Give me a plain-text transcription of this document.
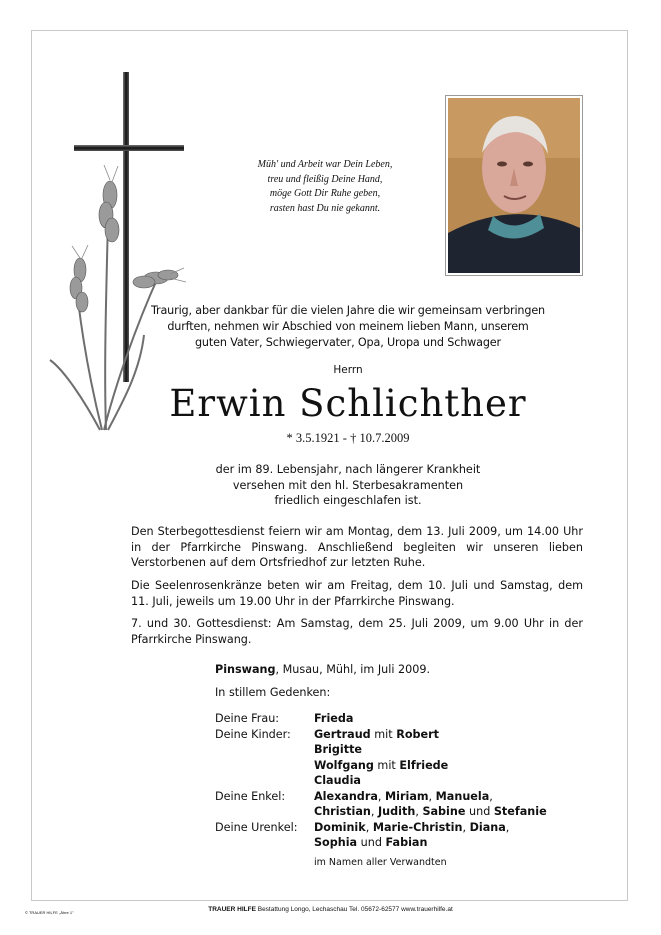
Müh' und Arbeit war Dein Leben,
treu und fleißig Deine Hand,
möge Gott Dir Ruhe geben,
rasten hast Du nie gekannt.
Traurig, aber dankbar für die vielen Jahre die wir gemeinsam verbringen
durften, nehmen wir Abschied von meinem lieben Mann, unserem
guten Vater, Schwiegervater, Opa, Uropa und Schwager
Herrn
Erwin Schlichther
* 3.5.1921 - † 10.7.2009
der im 89. Lebensjahr, nach längerer Krankheit
versehen mit den hl. Sterbesakramenten
friedlich eingeschlafen ist.
Den Sterbegottesdienst feiern wir am Montag, dem 13. Juli 2009, um 14.00 Uhr in der Pfarrkirche Pinswang. Anschließend begleiten wir unseren lieben Verstorbenen auf dem Ortsfriedhof zur letzten Ruhe.
Die Seelenrosenkränze beten wir am Freitag, dem 10. Juli und Samstag, dem 11. Juli, jeweils um 19.00 Uhr in der Pfarrkirche Pinswang.
7. und 30. Gottesdienst: Am Samstag, dem 25. Juli 2009, um 9.00 Uhr in der Pfarrkirche Pinswang.
Pinswang, Musau, Mühl, im Juli 2009.
In stillem Gedenken:
Deine Frau:	Frieda
Deine Kinder:	Gertraud mit Robert
Brigitte
Wolfgang mit Elfriede
Claudia
Deine Enkel:	Alexandra, Miriam, Manuela,
Christian, Judith, Sabine und Stefanie
Deine Urenkel:	Dominik, Marie-Christin, Diana,
Sophia und Fabian
im Namen aller Verwandten
© TRAUER HILFE „Ähre 1"	TRAUER HILFE Bestattung Longo, Lechaschau Tel. 05672-62577 www.trauerhilfe.at
